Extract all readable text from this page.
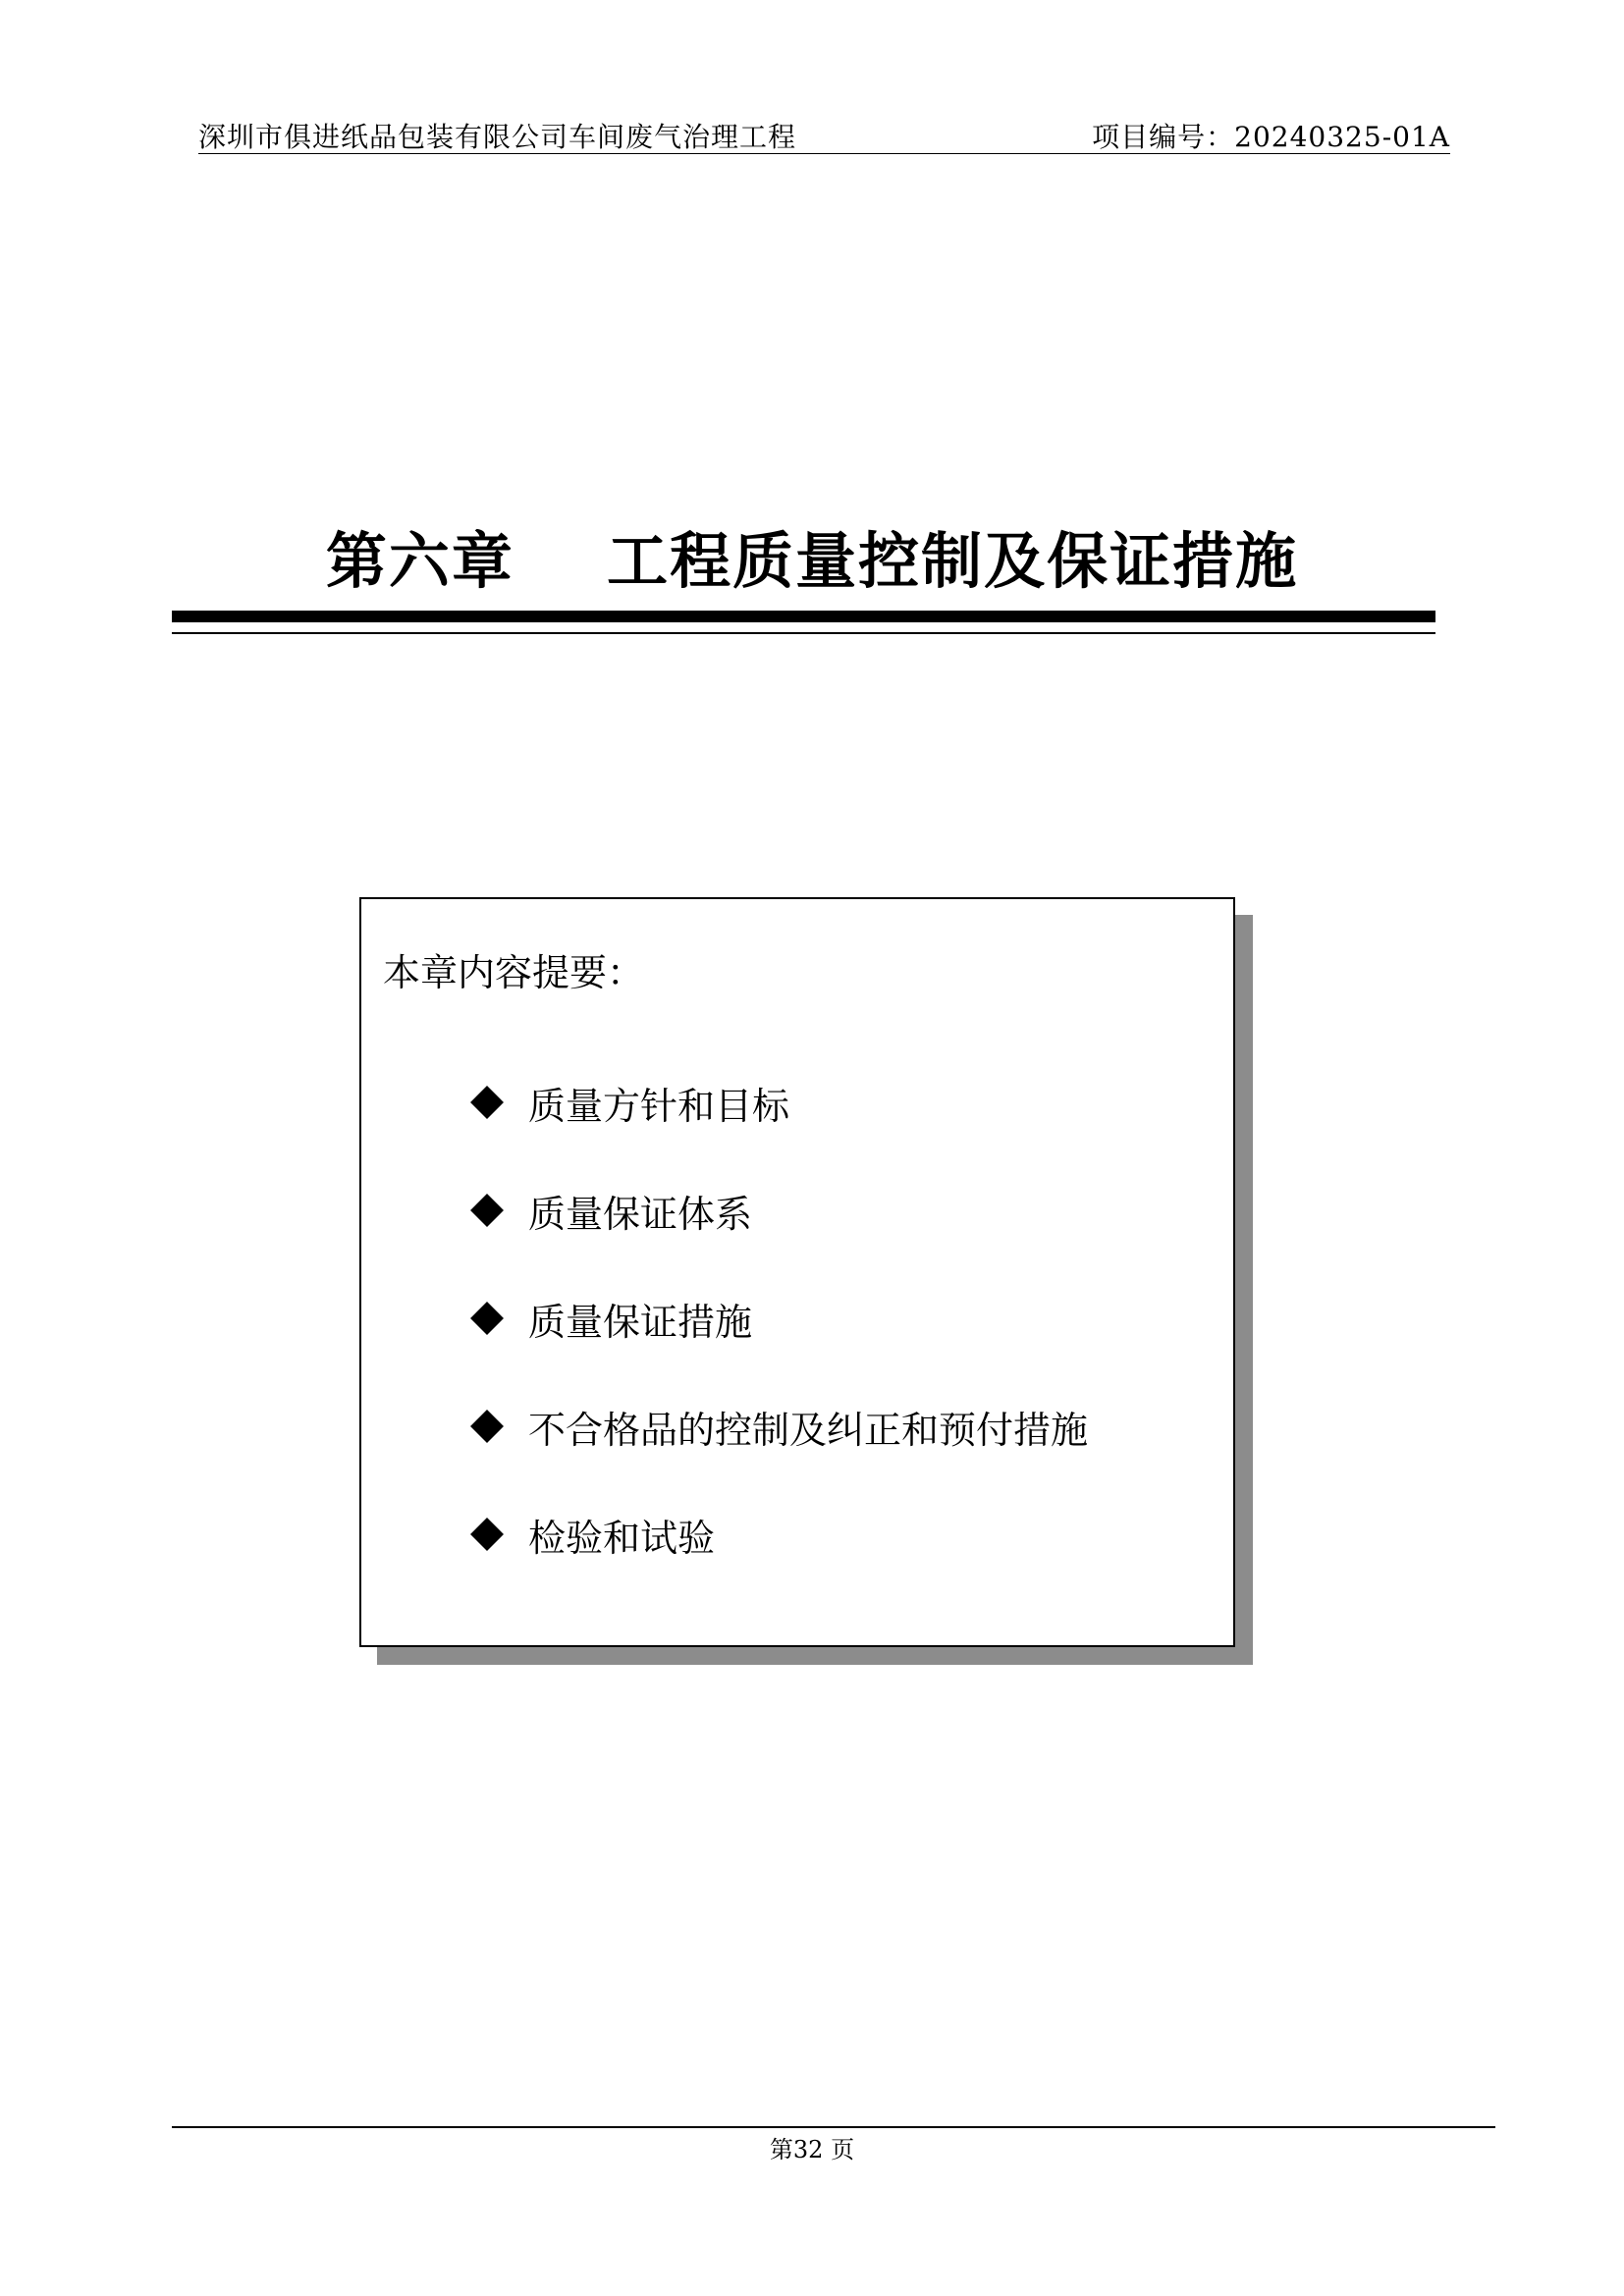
深圳市俱进纸品包装有限公司车间废气治理工程	项目编号：20240325-01A
第六章    工程质量控制及保证措施
本章内容提要：
质量方针和目标
质量保证体系
质量保证措施
不合格品的控制及纠正和预付措施
检验和试验
第32 页
